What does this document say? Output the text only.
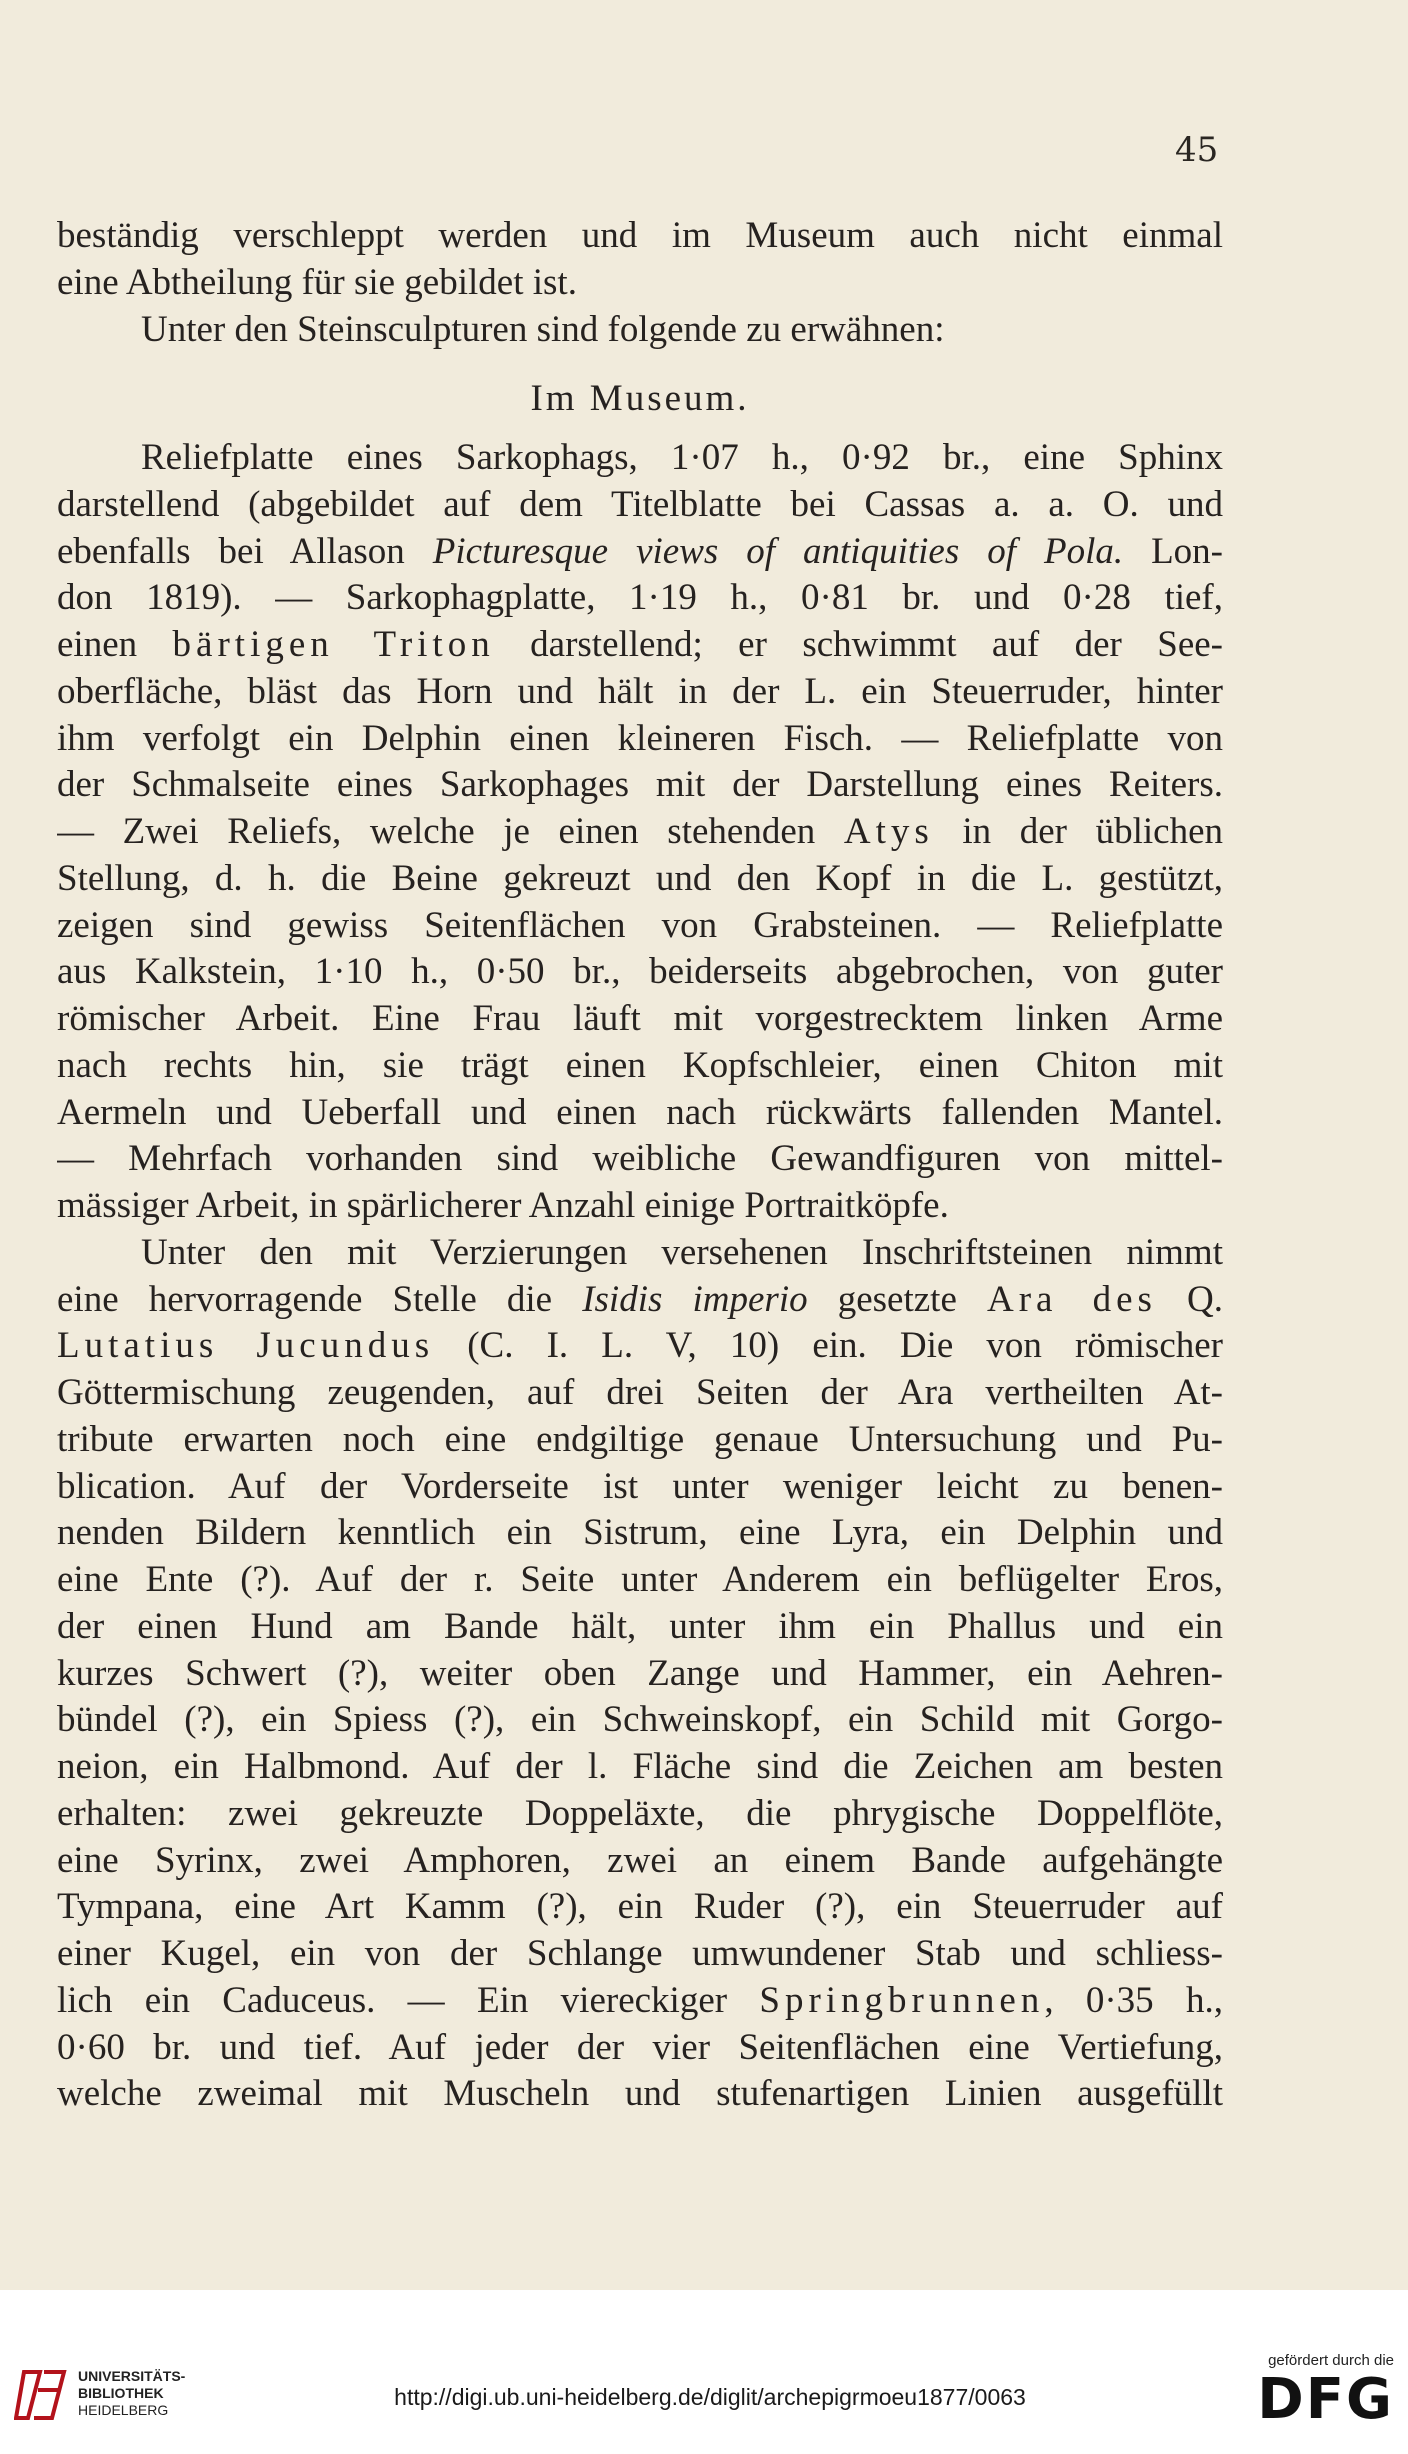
45
beständig verschleppt werden und im Museum auch nicht einmal
eine Abtheilung für sie gebildet ist.
Unter den Steinsculpturen sind folgende zu erwähnen:
Im Museum.
Reliefplatte eines Sarkophags, 1·07 h., 0·92 br., eine Sphinx
darstellend (abgebildet auf dem Titelblatte bei Cassas a. a. O. und
ebenfalls bei Allason Picturesque views of antiquities of Pola. Lon-
don 1819). — Sarkophagplatte, 1·19 h., 0·81 br. und 0·28 tief,
einen bärtigen Triton darstellend; er schwimmt auf der See-
oberfläche, bläst das Horn und hält in der L. ein Steuerruder, hinter
ihm verfolgt ein Delphin einen kleineren Fisch. — Reliefplatte von
der Schmalseite eines Sarkophages mit der Darstellung eines Reiters.
— Zwei Reliefs, welche je einen stehenden Atys in der üblichen
Stellung, d. h. die Beine gekreuzt und den Kopf in die L. gestützt,
zeigen sind gewiss Seitenflächen von Grabsteinen. — Reliefplatte
aus Kalkstein, 1·10 h., 0·50 br., beiderseits abgebrochen, von guter
römischer Arbeit. Eine Frau läuft mit vorgestrecktem linken Arme
nach rechts hin, sie trägt einen Kopfschleier, einen Chiton mit
Aermeln und Ueberfall und einen nach rückwärts fallenden Mantel.
— Mehrfach vorhanden sind weibliche Gewandfiguren von mittel-
mässiger Arbeit, in spärlicherer Anzahl einige Portraitköpfe.
Unter den mit Verzierungen versehenen Inschriftsteinen nimmt
eine hervorragende Stelle die Isidis imperio gesetzte Ara des Q.
Lutatius Jucundus (C. I. L. V, 10) ein. Die von römischer
Göttermischung zeugenden, auf drei Seiten der Ara vertheilten At-
tribute erwarten noch eine endgiltige genaue Untersuchung und Pu-
blication. Auf der Vorderseite ist unter weniger leicht zu benen-
nenden Bildern kenntlich ein Sistrum, eine Lyra, ein Delphin und
eine Ente (?). Auf der r. Seite unter Anderem ein beflügelter Eros,
der einen Hund am Bande hält, unter ihm ein Phallus und ein
kurzes Schwert (?), weiter oben Zange und Hammer, ein Aehren-
bündel (?), ein Spiess (?), ein Schweinskopf, ein Schild mit Gorgo-
neion, ein Halbmond. Auf der l. Fläche sind die Zeichen am besten
erhalten: zwei gekreuzte Doppeläxte, die phrygische Doppelflöte,
eine Syrinx, zwei Amphoren, zwei an einem Bande aufgehängte
Tympana, eine Art Kamm (?), ein Ruder (?), ein Steuerruder auf
einer Kugel, ein von der Schlange umwundener Stab und schliess-
lich ein Caduceus. — Ein viereckiger Springbrunnen, 0·35 h.,
0·60 br. und tief. Auf jeder der vier Seitenflächen eine Vertiefung,
welche zweimal mit Muscheln und stufenartigen Linien ausgefüllt
UNIVERSITÄTS-
BIBLIOTHEK
HEIDELBERG	http://digi.ub.uni-heidelberg.de/diglit/archepigrmoeu1877/0063
gefördert durch die
DFG
